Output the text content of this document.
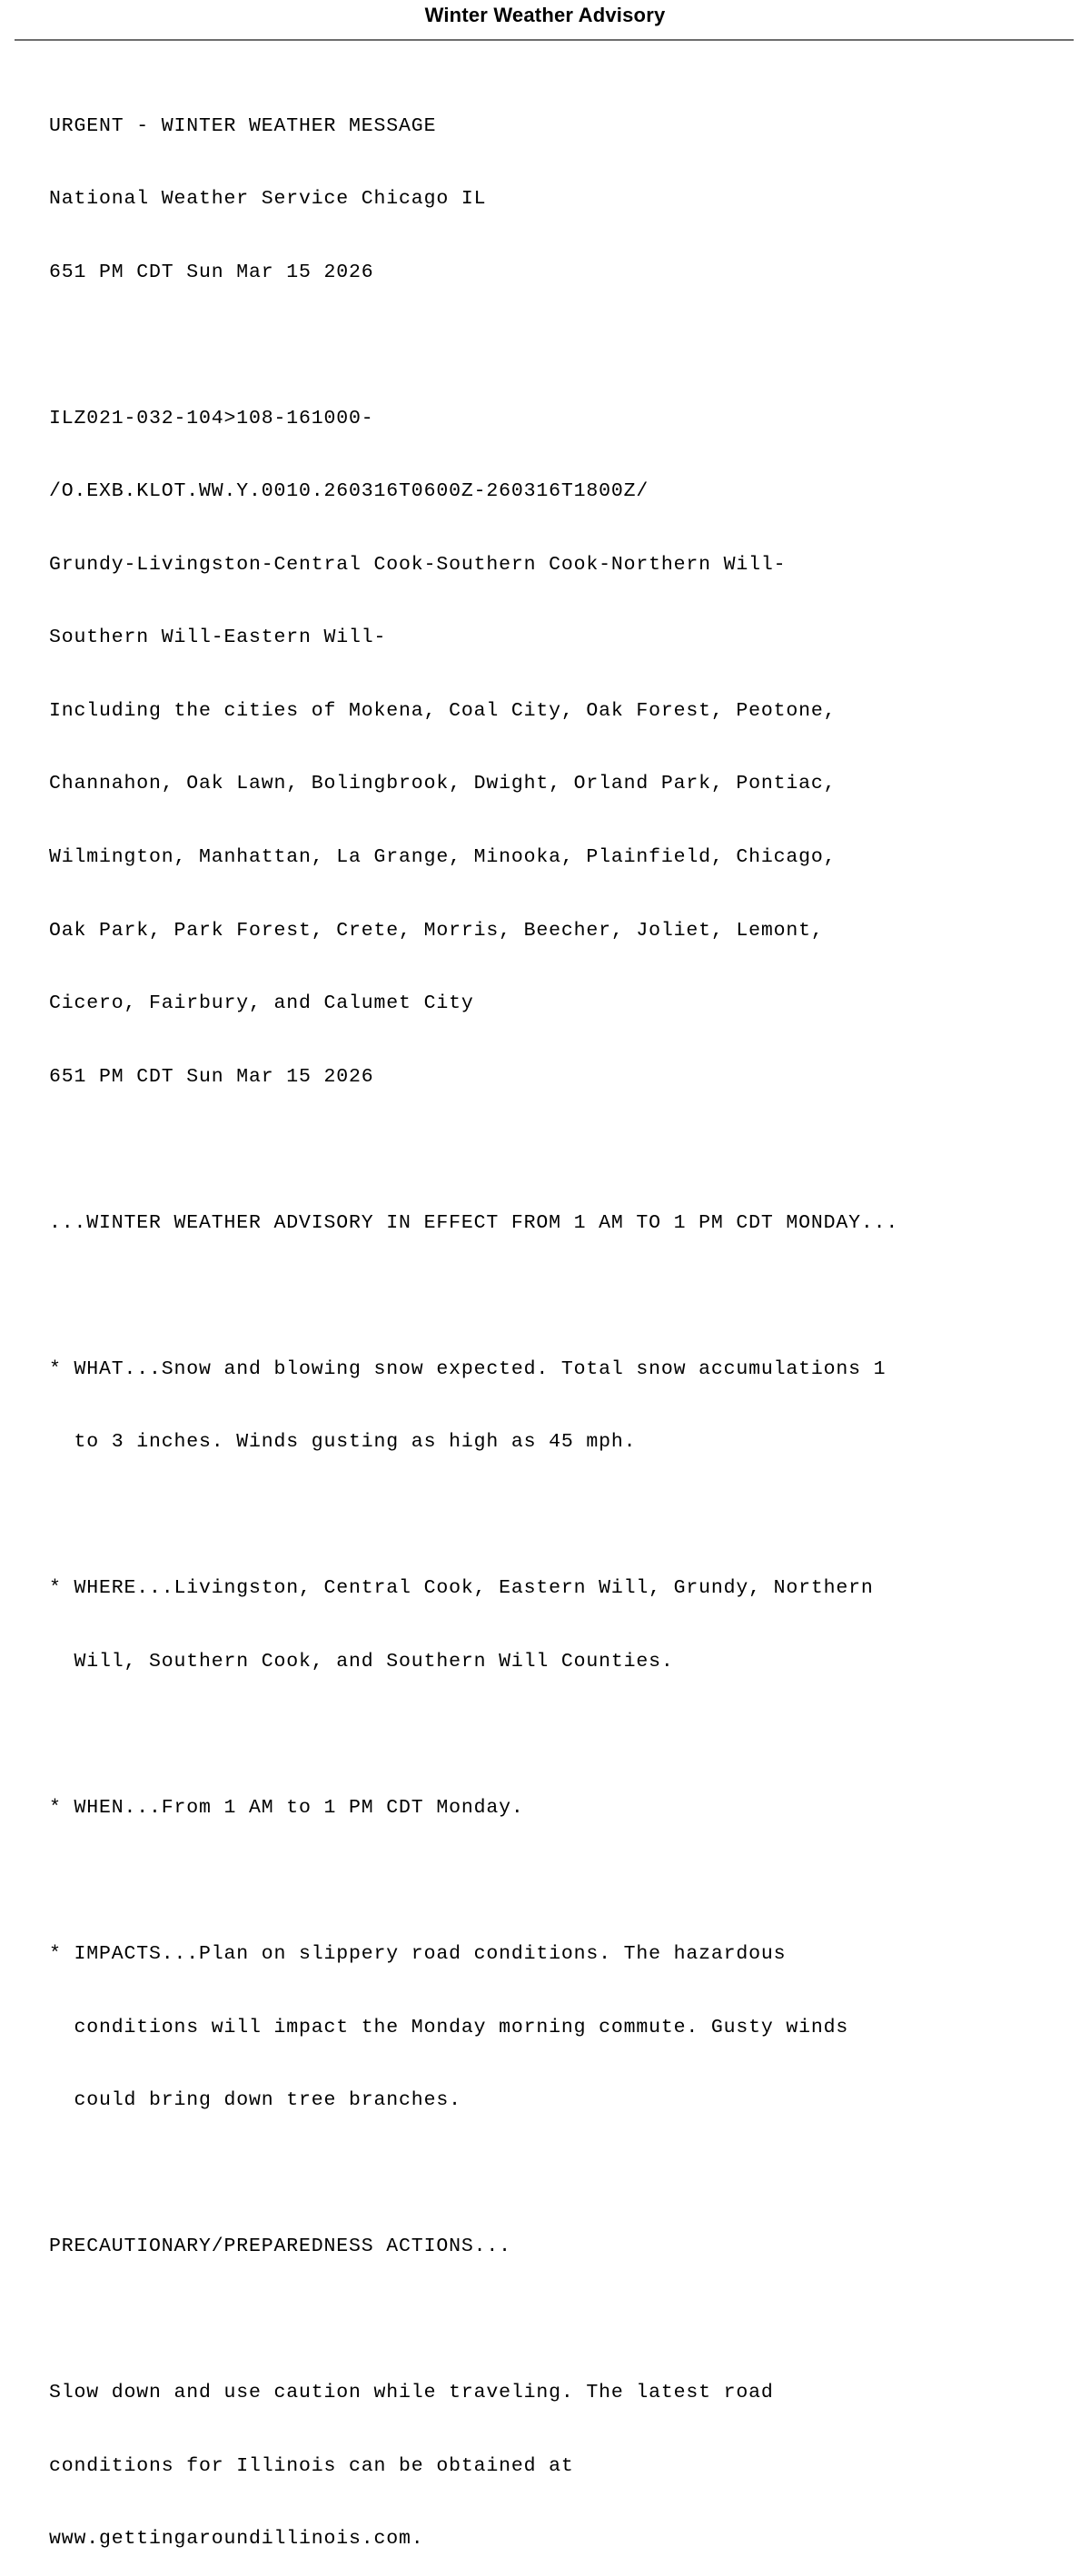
Winter Weather Advisory

URGENT - WINTER WEATHER MESSAGE

National Weather Service Chicago IL

651 PM CDT Sun Mar 15 2026

ILZ021-032-104>108-161000-

/O.EXB.KLOT.WW.Y.0010.260316T0600Z-260316T1800Z/

Grundy-Livingston-Central Cook-Southern Cook-Northern Will-

Southern Will-Eastern Will-

Including the cities of Mokena, Coal City, Oak Forest, Peotone,

Channahon, Oak Lawn, Bolingbrook, Dwight, Orland Park, Pontiac,

Wilmington, Manhattan, La Grange, Minooka, Plainfield, Chicago,

Oak Park, Park Forest, Crete, Morris, Beecher, Joliet, Lemont,

Cicero, Fairbury, and Calumet City

651 PM CDT Sun Mar 15 2026

...WINTER WEATHER ADVISORY IN EFFECT FROM 1 AM TO 1 PM CDT MONDAY...

* WHAT...Snow and blowing snow expected. Total snow accumulations 1

to 3 inches. Winds gusting as high as 45 mph.

* WHERE...Livingston, Central Cook, Eastern Will, Grundy, Northern

Will, Southern Cook, and Southern Will Counties.

* WHEN...From 1 AM to 1 PM CDT Monday.

* IMPACTS...Plan on slippery road conditions. The hazardous

conditions will impact the Monday morning commute. Gusty winds

could bring down tree branches.

PRECAUTIONARY/PREPAREDNESS ACTIONS...

Slow down and use caution while traveling. The latest road

conditions for Illinois can be obtained at

www.gettingaroundillinois.com.
